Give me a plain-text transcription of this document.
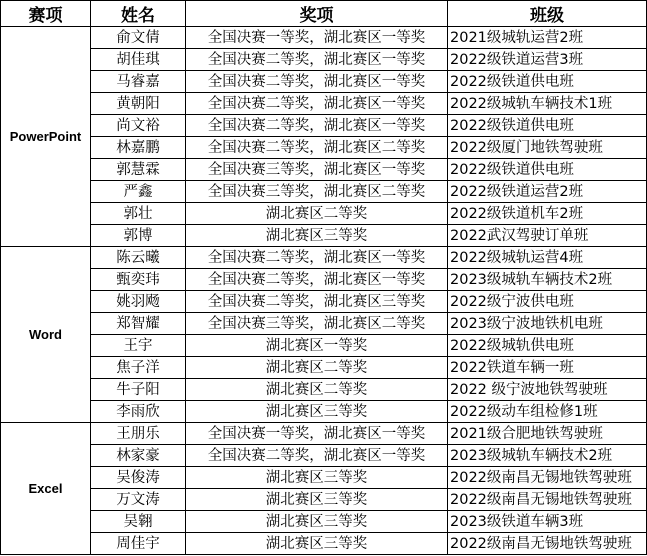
赛项	姓名	奖项	班级
PowerPoint	俞文倩	全国决赛一等奖，湖北赛区一等奖	2021级城轨运营2班
	胡佳琪	全国决赛二等奖，湖北赛区一等奖	2022级铁道运营3班
	马睿嘉	全国决赛二等奖，湖北赛区一等奖	2022级铁道供电班
	黄朝阳	全国决赛二等奖，湖北赛区一等奖	2022级城轨车辆技术1班
	尚文裕	全国决赛二等奖，湖北赛区一等奖	2022级铁道供电班
	林嘉鹏	全国决赛二等奖，湖北赛区二等奖	2022级厦门地铁驾驶班
	郭慧霖	全国决赛三等奖，湖北赛区一等奖	2022级铁道供电班
	严鑫	全国决赛三等奖，湖北赛区二等奖	2022级铁道运营2班
	郭壮	湖北赛区二等奖	2022级铁道机车2班
	郭博	湖北赛区三等奖	2022武汉驾驶订单班
Word	陈云曦	全国决赛二等奖，湖北赛区一等奖	2022级城轨运营4班
	甄奕玮	全国决赛二等奖，湖北赛区一等奖	2023级城轨车辆技术2班
	姚羽飏	全国决赛二等奖，湖北赛区三等奖	2022级宁波供电班
	郑智耀	全国决赛三等奖，湖北赛区二等奖	2023级宁波地铁机电班
	王宇	湖北赛区一等奖	2022级城轨供电班
	焦子洋	湖北赛区二等奖	2022铁道车辆一班
	牛子阳	湖北赛区二等奖	2022 级宁波地铁驾驶班
	李雨欣	湖北赛区三等奖	2022级动车组检修1班
Excel	王朋乐	全国决赛一等奖，湖北赛区一等奖	2021级合肥地铁驾驶班
	林家豪	全国决赛二等奖，湖北赛区一等奖	2023级城轨车辆技术2班
	吴俊涛	湖北赛区三等奖	2022级南昌无锡地铁驾驶班
	万文涛	湖北赛区三等奖	2022级南昌无锡地铁驾驶班
	吴翱	湖北赛区三等奖	2023级铁道车辆3班
	周佳宇	湖北赛区三等奖	2022级南昌无锡地铁驾驶班
